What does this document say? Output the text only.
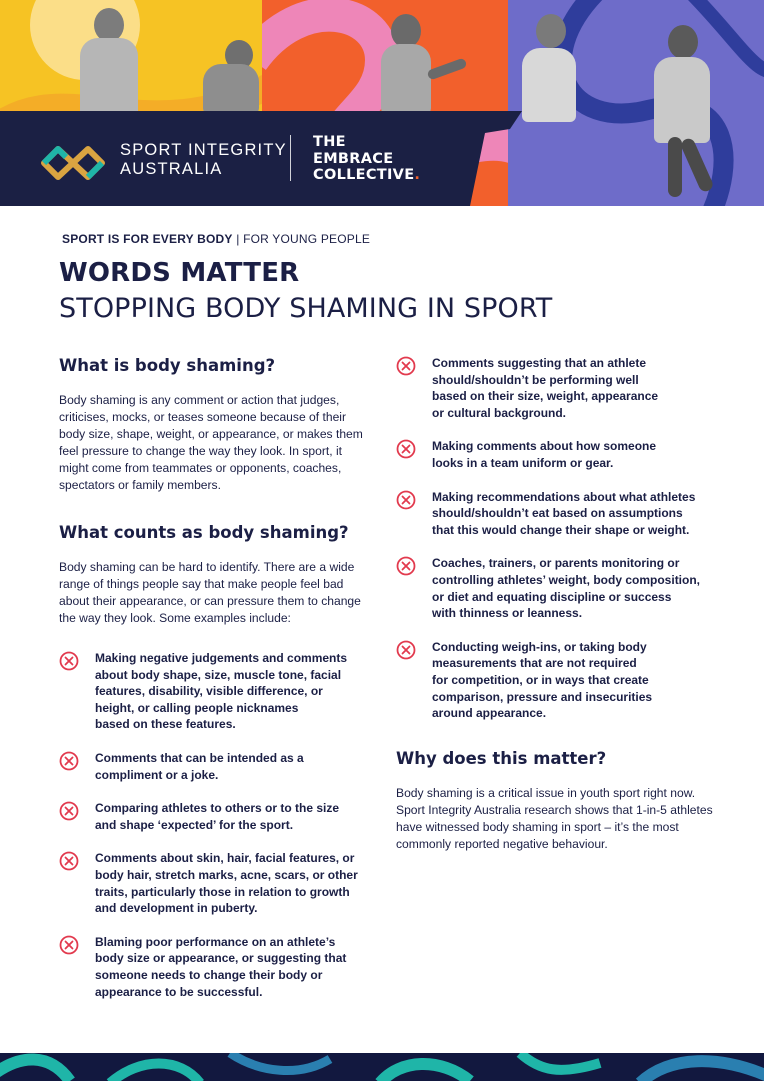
SPORT INTEGRITY
AUSTRALIA
THE
EMBRACE
COLLECTIVE.
SPORT IS FOR EVERY BODY | FOR YOUNG PEOPLE
WORDS MATTER
STOPPING BODY SHAMING IN SPORT
What is body shaming?

Body shaming is any comment or action that judges, criticises, mocks, or teases someone because of their body size, shape, weight, or appearance, or makes them feel pressure to change the way they look. In sport, it might come from teammates or opponents, coaches, spectators or family members.

What counts as body shaming?

Body shaming can be hard to identify. There are a wide range of things people say that make people feel bad about their appearance, or can pressure them to change the way they look. Some examples include:

Making negative judgements and comments
about body shape, size, muscle tone, facial
features, disability, visible difference, or
height, or calling people nicknames
based on these features.
Comments that can be intended as a
compliment or a joke.
Comparing athletes to others or to the size
and shape ‘expected’ for the sport.
Comments about skin, hair, facial features, or
body hair, stretch marks, acne, scars, or other
traits, particularly those in relation to growth
and development in puberty.
Blaming poor performance on an athlete’s
body size or appearance, or suggesting that
someone needs to change their body or
appearance to be successful.
Comments suggesting that an athlete
should/shouldn’t be performing well
based on their size, weight, appearance
or cultural background.
Making comments about how someone
looks in a team uniform or gear.
Making recommendations about what athletes
should/shouldn’t eat based on assumptions
that this would change their shape or weight.
Coaches, trainers, or parents monitoring or
controlling athletes’ weight, body composition,
or diet and equating discipline or success
with thinness or leanness.
Conducting weigh-ins, or taking body
measurements that are not required
for competition, or in ways that create
comparison, pressure and insecurities
around appearance.
Why does this matter?

Body shaming is a critical issue in youth sport right now. Sport Integrity Australia research shows that 1-in-5 athletes have witnessed body shaming in sport – it’s the most commonly reported negative behaviour.
